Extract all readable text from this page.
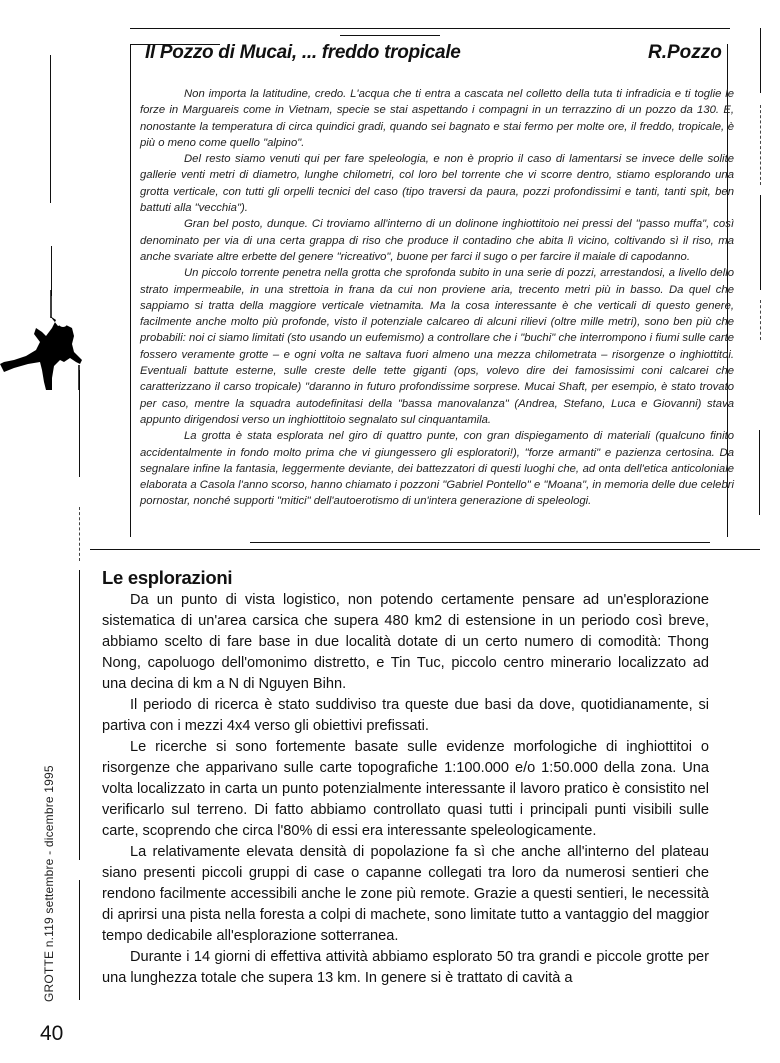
Il Pozzo di Mucai, ... freddo tropicale	R.Pozzo

Non importa la latitudine, credo. L'acqua che ti entra a cascata nel colletto della tuta ti infradicia e ti toglie le forze in Marguareis come in Vietnam, specie se stai aspettando i compagni in un terrazzino di un pozzo da 130. E, nonostante la temperatura di circa quindici gradi, quando sei bagnato e stai fermo per molte ore, il freddo, tropicale, è più o meno come quello "alpino".

Del resto siamo venuti qui per fare speleologia, e non è proprio il caso di lamentarsi se invece delle solite gallerie venti metri di diametro, lunghe chilometri, col loro bel torrente che vi scorre dentro, stiamo esplorando una grotta verticale, con tutti gli orpelli tecnici del caso (tipo traversi da paura, pozzi profondissimi e tanti, tanti spit, ben battuti alla "vecchia").

Gran bel posto, dunque. Ci troviamo all'interno di un dolinone inghiottitoio nei pressi del "passo muffa", così denominato per via di una certa grappa di riso che produce il contadino che abita lì vicino, coltivando sì il riso, ma anche svariate altre erbette del genere "ricreativo", buone per farci il sugo o per farcire il maiale di capodanno.

Un piccolo torrente penetra nella grotta che sprofonda subito in una serie di pozzi, arrestandosi, a livello dello strato impermeabile, in una strettoia in frana da cui non proviene aria, trecento metri più in basso. Da quel che sappiamo si tratta della maggiore verticale vietnamita. Ma la cosa interessante è che verticali di questo genere, facilmente anche molto più profonde, visto il potenziale calcareo di alcuni rilievi (oltre mille metri), sono ben più che probabili: noi ci siamo limitati (sto usando un eufemismo) a controllare che i "buchi" che interrompono i fiumi sulle carte fossero veramente grotte – e ogni volta ne saltava fuori almeno una mezza chilometrata – risorgenze o inghiottitoi. Eventuali battute esterne, sulle creste delle tette giganti (ops, volevo dire dei famosissimi coni calcarei che caratterizzano il carso tropicale) "daranno in futuro profondissime sorprese. Mucai Shaft, per esempio, è stato trovato per caso, mentre la squadra autodefinitasi della "bassa manovalanza" (Andrea, Stefano, Luca e Giovanni) stava appunto dirigendosi verso un inghiottitoio segnalato sul cinquantamila.

La grotta è stata esplorata nel giro di quattro punte, con gran dispiegamento di materiali (qualcuno finito accidentalmente in fondo molto prima che vi giungessero gli esploratori!), "forze armanti" e pazienza certosina. Da segnalare infine la fantasia, leggermente deviante, dei battezzatori di questi luoghi che, ad onta dell'etica anticoloniale elaborata a Casola l'anno scorso, hanno chiamato i pozzoni "Gabriel Pontello" e "Moana", in memoria delle due celebri pornostar, nonché supporti "mitici" dell'autoerotismo di un'intera generazione di speleologi.

Le esplorazioni

Da un punto di vista logistico, non potendo certamente pensare ad un'esplorazione sistematica di un'area carsica che supera 480 km2 di estensione in un periodo così breve, abbiamo scelto di fare base in due località dotate di un certo numero di comodità: Thong Nong, capoluogo dell'omonimo distretto, e Tin Tuc, piccolo centro minerario localizzato ad una decina di km a N di Nguyen Bihn.

Il periodo di ricerca è stato suddiviso tra queste due basi da dove, quotidianamente, si partiva con i mezzi 4x4 verso gli obiettivi prefissati.

Le ricerche si sono fortemente basate sulle evidenze morfologiche di inghiottitoi o risorgenze che apparivano sulle carte topografiche 1:100.000 e/o 1:50.000 della zona. Una volta localizzato in carta un punto potenzialmente interessante il lavoro pratico è consistito nel verificarlo sul terreno. Di fatto abbiamo controllato quasi tutti i principali punti visibili sulle carte, scoprendo che circa l'80% di essi era interessante speleologicamente.

La relativamente elevata densità di popolazione fa sì che anche all'interno del plateau siano presenti piccoli gruppi di case o capanne collegati tra loro da numerosi sentieri che rendono facilmente accessibili anche le zone più remote. Grazie a questi sentieri, le necessità di aprirsi una pista nella foresta a colpi di machete, sono limitate tutto a vantaggio del maggior tempo dedicabile all'esplorazione sotterranea.

Durante i 14 giorni di effettiva attività abbiamo esplorato 50 tra grandi e piccole grotte per una lunghezza totale che supera 13 km. In genere si è trattato di cavità a

GROTTE n.119 settembre - dicembre 1995
40
